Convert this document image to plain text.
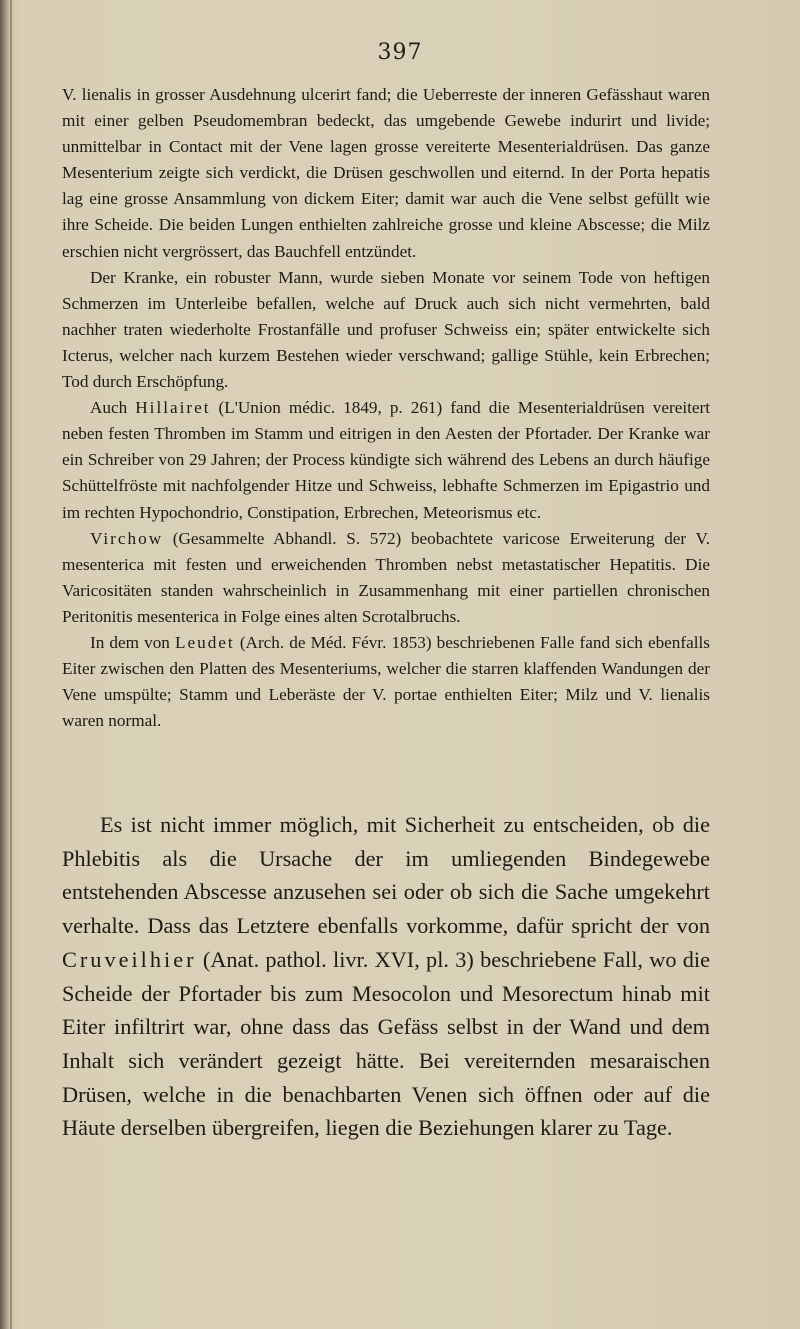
397

V. lienalis in grosser Ausdehnung ulcerirt fand; die Ueberreste der inneren Gefässhaut waren mit einer gelben Pseudomembran bedeckt, das umgebende Gewebe indurirt und livide; unmittelbar in Contact mit der Vene lagen grosse vereiterte Mesenterialdrüsen. Das ganze Mesenterium zeigte sich verdickt, die Drüsen geschwollen und eiternd. In der Porta hepatis lag eine grosse Ansammlung von dickem Eiter; damit war auch die Vene selbst gefüllt wie ihre Scheide. Die beiden Lungen enthielten zahlreiche grosse und kleine Abscesse; die Milz erschien nicht vergrössert, das Bauchfell entzündet.

Der Kranke, ein robuster Mann, wurde sieben Monate vor seinem Tode von heftigen Schmerzen im Unterleibe befallen, welche auf Druck auch sich nicht vermehrten, bald nachher traten wiederholte Frostanfälle und profuser Schweiss ein; später entwickelte sich Icterus, welcher nach kurzem Bestehen wieder verschwand; gallige Stühle, kein Erbrechen; Tod durch Erschöpfung.

Auch Hillairet (L'Union médic. 1849, p. 261) fand die Mesenterialdrüsen vereitert neben festen Thromben im Stamm und eitrigen in den Aesten der Pfortader. Der Kranke war ein Schreiber von 29 Jahren; der Process kündigte sich während des Lebens an durch häufige Schüttelfröste mit nachfolgender Hitze und Schweiss, lebhafte Schmerzen im Epigastrio und im rechten Hypochondrio, Constipation, Erbrechen, Meteorismus etc.

Virchow (Gesammelte Abhandl. S. 572) beobachtete varicose Erweiterung der V. mesenterica mit festen und erweichenden Thromben nebst metastatischer Hepatitis. Die Varicositäten standen wahrscheinlich in Zusammenhang mit einer partiellen chronischen Peritonitis mesenterica in Folge eines alten Scrotalbruchs.

In dem von Leudet (Arch. de Méd. Févr. 1853) beschriebenen Falle fand sich ebenfalls Eiter zwischen den Platten des Mesenteriums, welcher die starren klaffenden Wandungen der Vene umspülte; Stamm und Leberäste der V. portae enthielten Eiter; Milz und V. lienalis waren normal.

Es ist nicht immer möglich, mit Sicherheit zu entscheiden, ob die Phlebitis als die Ursache der im umliegenden Bindegewebe entstehenden Abscesse anzusehen sei oder ob sich die Sache umgekehrt verhalte. Dass das Letztere ebenfalls vorkomme, dafür spricht der von Cruveilhier (Anat. pathol. livr. XVI, pl. 3) beschriebene Fall, wo die Scheide der Pfortader bis zum Mesocolon und Mesorectum hinab mit Eiter infiltrirt war, ohne dass das Gefäss selbst in der Wand und dem Inhalt sich verändert gezeigt hätte. Bei vereiternden mesaraischen Drüsen, welche in die benachbarten Venen sich öffnen oder auf die Häute derselben übergreifen, liegen die Beziehungen klarer zu Tage.
